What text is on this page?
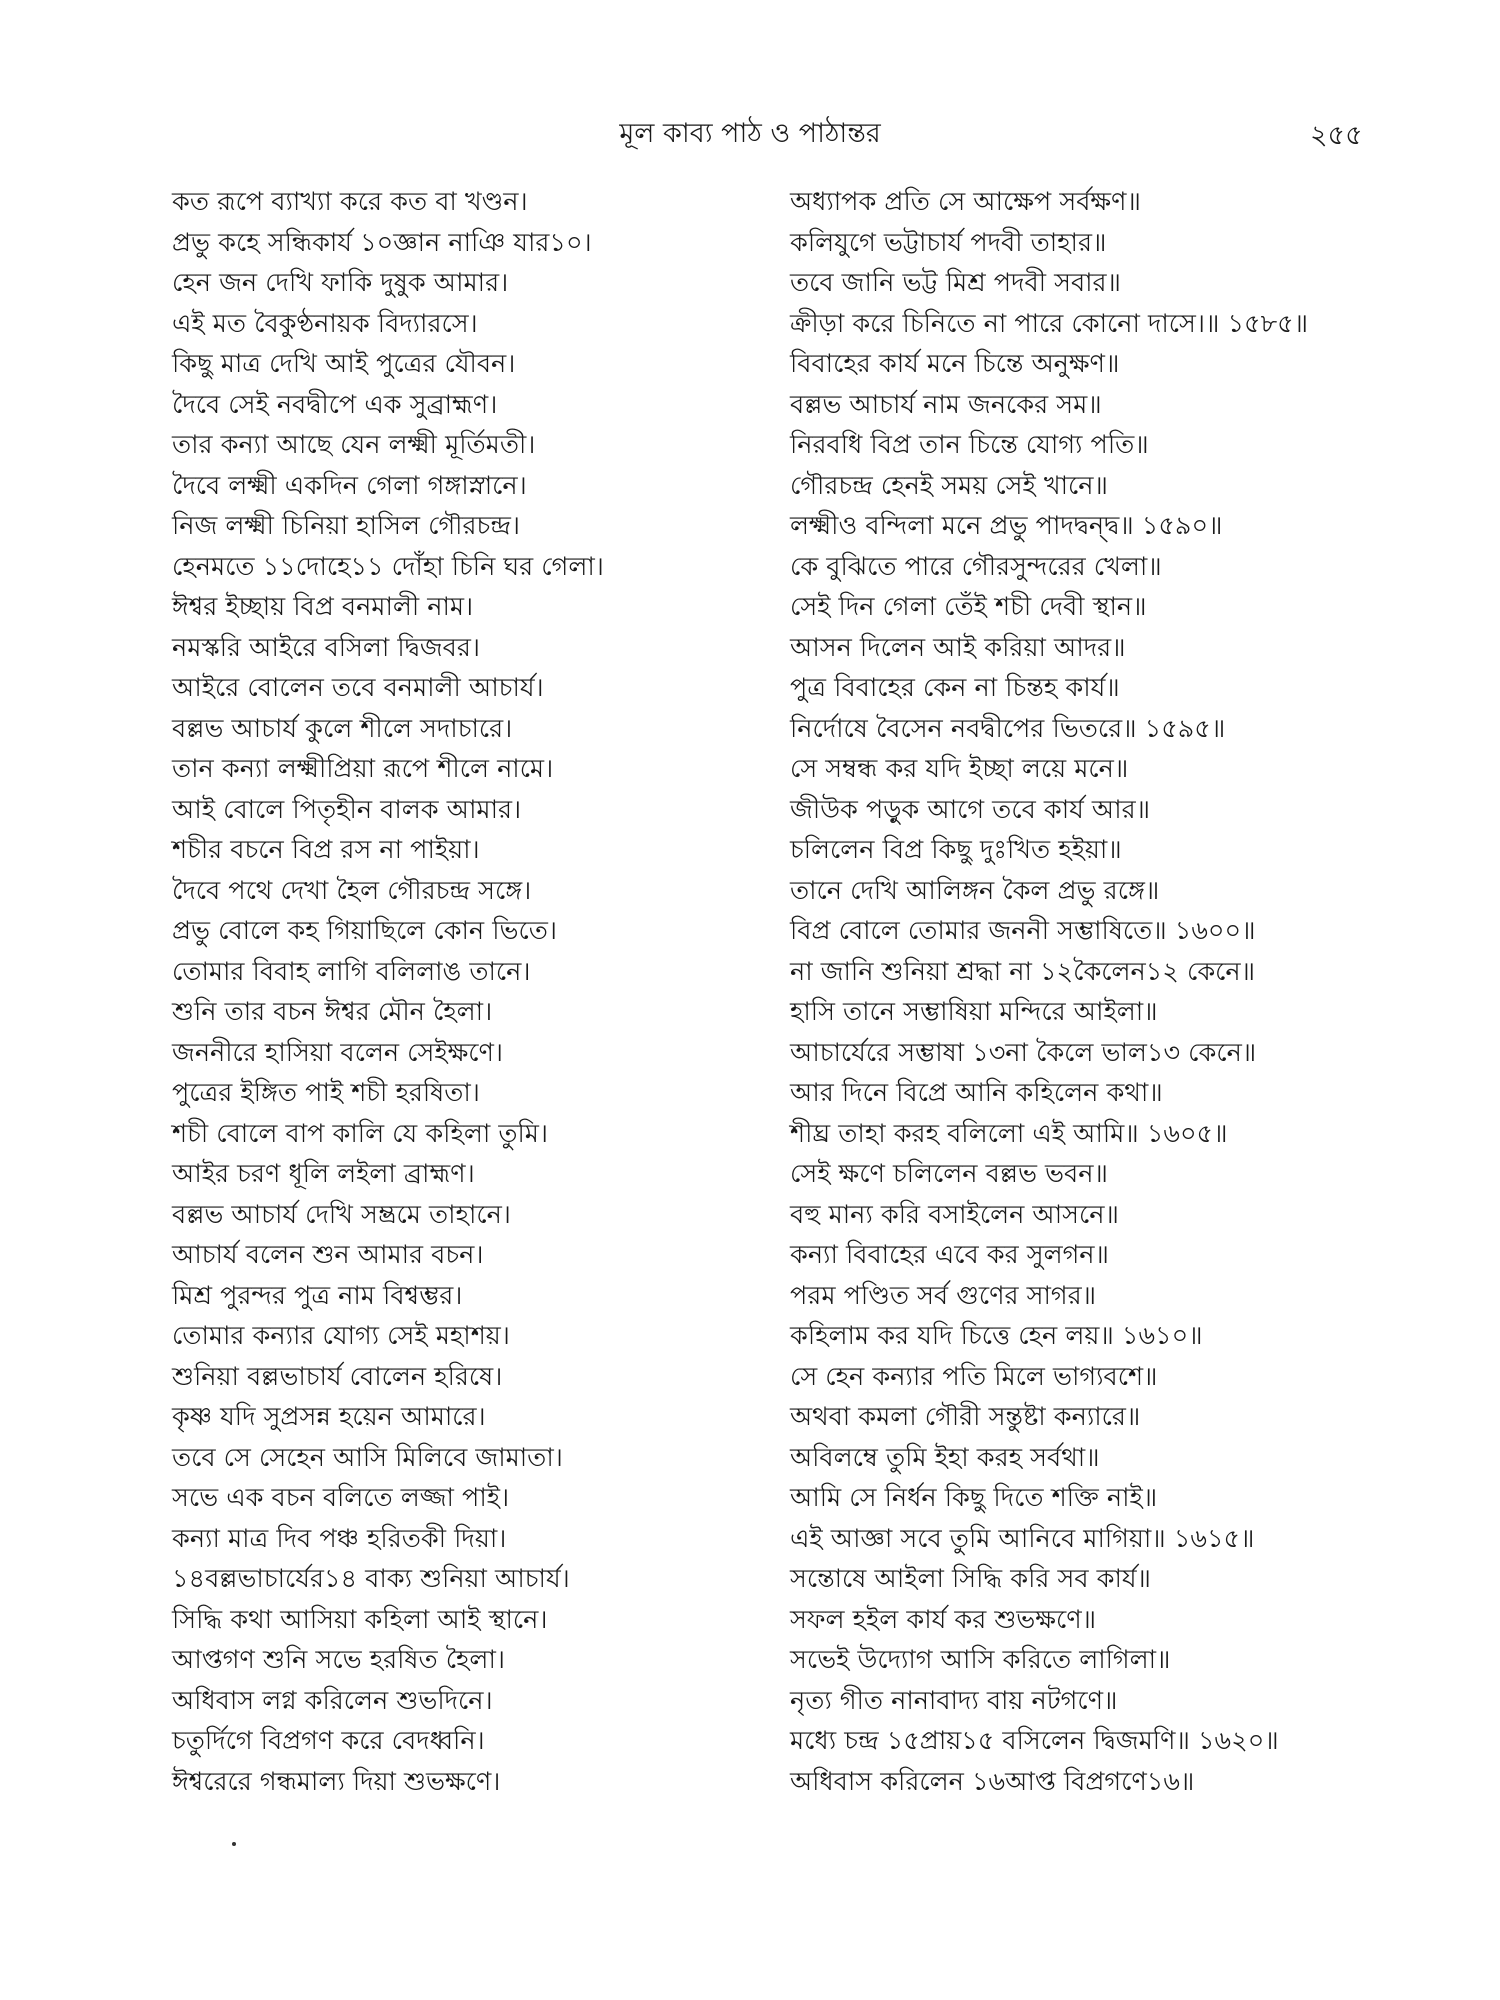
মূল কাব্য পাঠ ও পাঠান্তর	২৫৫
কত রূপে ব্যাখ্যা করে কত বা খণ্ডন।
প্রভু কহে সন্ধিকার্য ১০জ্ঞান নাঞি যার১০।
হেন জন দেখি ফাকি দুষুক আমার।
এই মত বৈকুণ্ঠনায়ক বিদ্যারসে।
কিছু মাত্র দেখি আই পুত্রের যৌবন।
দৈবে সেই নবদ্বীপে এক সুব্রাহ্মণ।
তার কন্যা আছে যেন লক্ষ্মী মূর্তিমতী।
দৈবে লক্ষ্মী একদিন গেলা গঙ্গাস্নানে।
নিজ লক্ষ্মী চিনিয়া হাসিল গৌরচন্দ্র।
হেনমতে ১১দোহে১১ দোঁহা চিনি ঘর গেলা।
ঈশ্বর ইচ্ছায় বিপ্র বনমালী নাম।
নমস্করি আইরে বসিলা দ্বিজবর।
আইরে বোলেন তবে বনমালী আচার্য।
বল্লভ আচার্য কুলে শীলে সদাচারে।
তান কন্যা লক্ষ্মীপ্রিয়া রূপে শীলে নামে।
আই বোলে পিতৃহীন বালক আমার।
শচীর বচনে বিপ্র রস না পাইয়া।
দৈবে পথে দেখা হৈল গৌরচন্দ্র সঙ্গে।
প্রভু বোলে কহ গিয়াছিলে কোন ভিতে।
তোমার বিবাহ লাগি বলিলাঙ তানে।
শুনি তার বচন ঈশ্বর মৌন হৈলা।
জননীরে হাসিয়া বলেন সেইক্ষণে।
পুত্রের ইঙ্গিত পাই শচী হরষিতা।
শচী বোলে বাপ কালি যে কহিলা তুমি।
আইর চরণ ধূলি লইলা ব্রাহ্মণ।
বল্লভ আচার্য দেখি সম্ভ্রমে তাহানে।
আচার্য বলেন শুন আমার বচন।
মিশ্র পুরন্দর পুত্র নাম বিশ্বম্ভর।
তোমার কন্যার যোগ্য সেই মহাশয়।
শুনিয়া বল্লভাচার্য বোলেন হরিষে।
কৃষ্ণ যদি সুপ্রসন্ন হয়েন আমারে।
তবে সে সেহেন আসি মিলিবে জামাতা।
সভে এক বচন বলিতে লজ্জা পাই।
কন্যা মাত্র দিব পঞ্চ হরিতকী দিয়া।
১৪বল্লভাচার্যের১৪ বাক্য শুনিয়া আচার্য।
সিদ্ধি কথা আসিয়া কহিলা আই স্থানে।
আপ্তগণ শুনি সভে হরষিত হৈলা।
অধিবাস লগ্ন করিলেন শুভদিনে।
চতুর্দিগে বিপ্রগণ করে বেদধ্বনি।
ঈশ্বরেরে গন্ধমাল্য দিয়া শুভক্ষণে।
অধ্যাপক প্রতি সে আক্ষেপ সর্বক্ষণ॥
কলিযুগে ভট্টাচার্য পদবী তাহার॥
তবে জানি ভট্ট মিশ্র পদবী সবার॥
ক্রীড়া করে চিনিতে না পারে কোনো দাসে।॥ ১৫৮৫॥
বিবাহের কার্য মনে চিন্তে অনুক্ষণ॥
বল্লভ আচার্য নাম জনকের সম॥
নিরবধি বিপ্র তান চিন্তে যোগ্য পতি॥
গৌরচন্দ্র হেনই সময় সেই খানে॥
লক্ষ্মীও বন্দিলা মনে প্রভু পাদদ্বন্দ্ব॥ ১৫৯০॥
কে বুঝিতে পারে গৌরসুন্দরের খেলা॥
সেই দিন গেলা তেঁই শচী দেবী স্থান॥
আসন দিলেন আই করিয়া আদর॥
পুত্র বিবাহের কেন না চিন্তহ কার্য॥
নির্দোষে বৈসেন নবদ্বীপের ভিতরে॥ ১৫৯৫॥
সে সম্বন্ধ কর যদি ইচ্ছা লয়ে মনে॥
জীউক পড়ুক আগে তবে কার্য আর॥
চলিলেন বিপ্র কিছু দুঃখিত হইয়া॥
তানে দেখি আলিঙ্গন কৈল প্রভু রঙ্গে॥
বিপ্র বোলে তোমার জননী সম্ভাষিতে॥ ১৬০০॥
না জানি শুনিয়া শ্রদ্ধা না ১২কৈলেন১২ কেনে॥
হাসি তানে সম্ভাষিয়া মন্দিরে আইলা॥
আচার্যেরে সম্ভাষা ১৩না কৈলে ভাল১৩ কেনে॥
আর দিনে বিপ্রে আনি কহিলেন কথা॥
শীঘ্র তাহা করহ বলিলো এই আমি॥ ১৬০৫॥
সেই ক্ষণে চলিলেন বল্লভ ভবন॥
বহু মান্য করি বসাইলেন আসনে॥
কন্যা বিবাহের এবে কর সুলগন॥
পরম পণ্ডিত সর্ব গুণের সাগর॥
কহিলাম কর যদি চিত্তে হেন লয়॥ ১৬১০॥
সে হেন কন্যার পতি মিলে ভাগ্যবশে॥
অথবা কমলা গৌরী সন্তুষ্টা কন্যারে॥
অবিলম্বে তুমি ইহা করহ সর্বথা॥
আমি সে নির্ধন কিছু দিতে শক্তি নাই॥
এই আজ্ঞা সবে তুমি আনিবে মাগিয়া॥ ১৬১৫॥
সন্তোষে আইলা সিদ্ধি করি সব কার্য॥
সফল হইল কার্য কর শুভক্ষণে॥
সভেই উদ্যোগ আসি করিতে লাগিলা॥
নৃত্য গীত নানাবাদ্য বায় নটগণে॥
মধ্যে চন্দ্র ১৫প্রায়১৫ বসিলেন দ্বিজমণি॥ ১৬২০॥
অধিবাস করিলেন ১৬আপ্ত বিপ্রগণে১৬॥
